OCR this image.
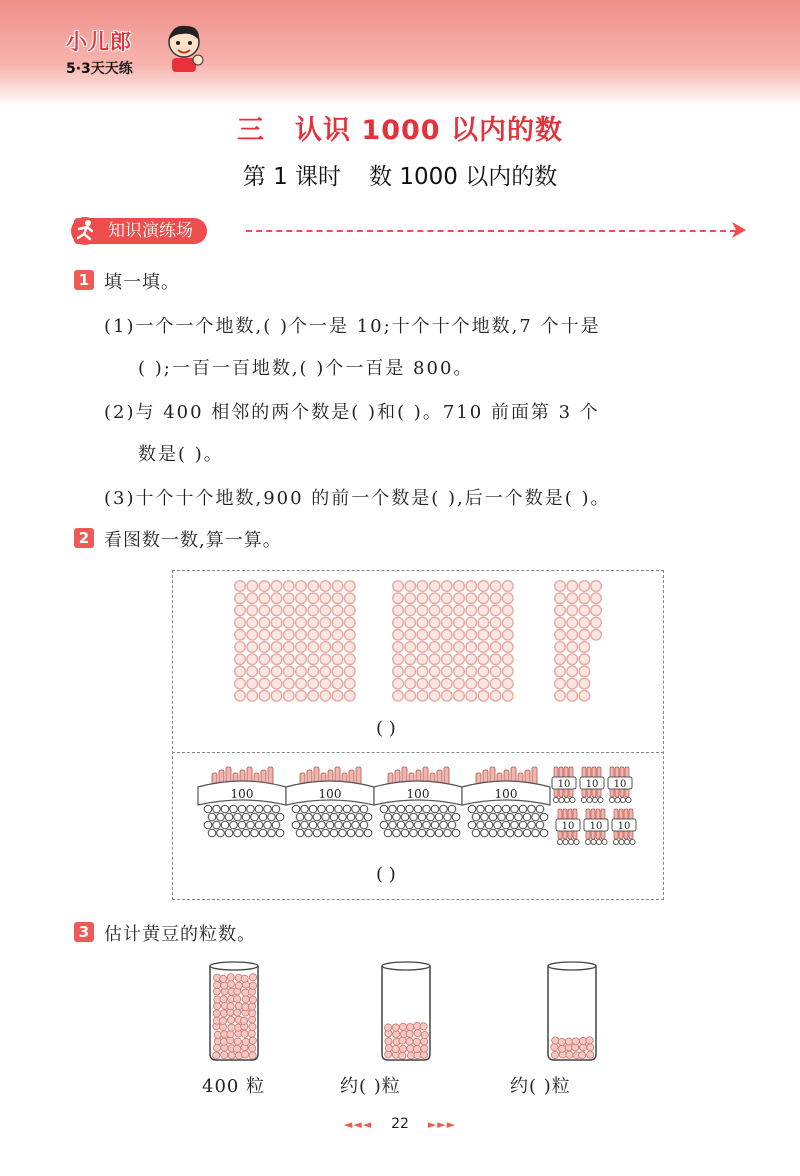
小儿郎
5·3天天练
三 认识 1000 以内的数
第 1 课时 数 1000 以内的数
知识演练场
1 填一填。
(1)一个一个地数,( )个一是 10;十个十个地数,7 个十是
( );一百一百地数,( )个一百是 800。
(2)与 400 相邻的两个数是( )和( )。710 前面第 3 个
数是( )。
(3)十个十个地数,900 的前一个数是( ),后一个数是( )。
2 看图数一数,算一算。
( )
100	100	100	100
10 10 10
10 10 10
( )
3 估计黄豆的粒数。
400 粒	约( )粒	约( )粒
◄◄◄ 22 ►►►
